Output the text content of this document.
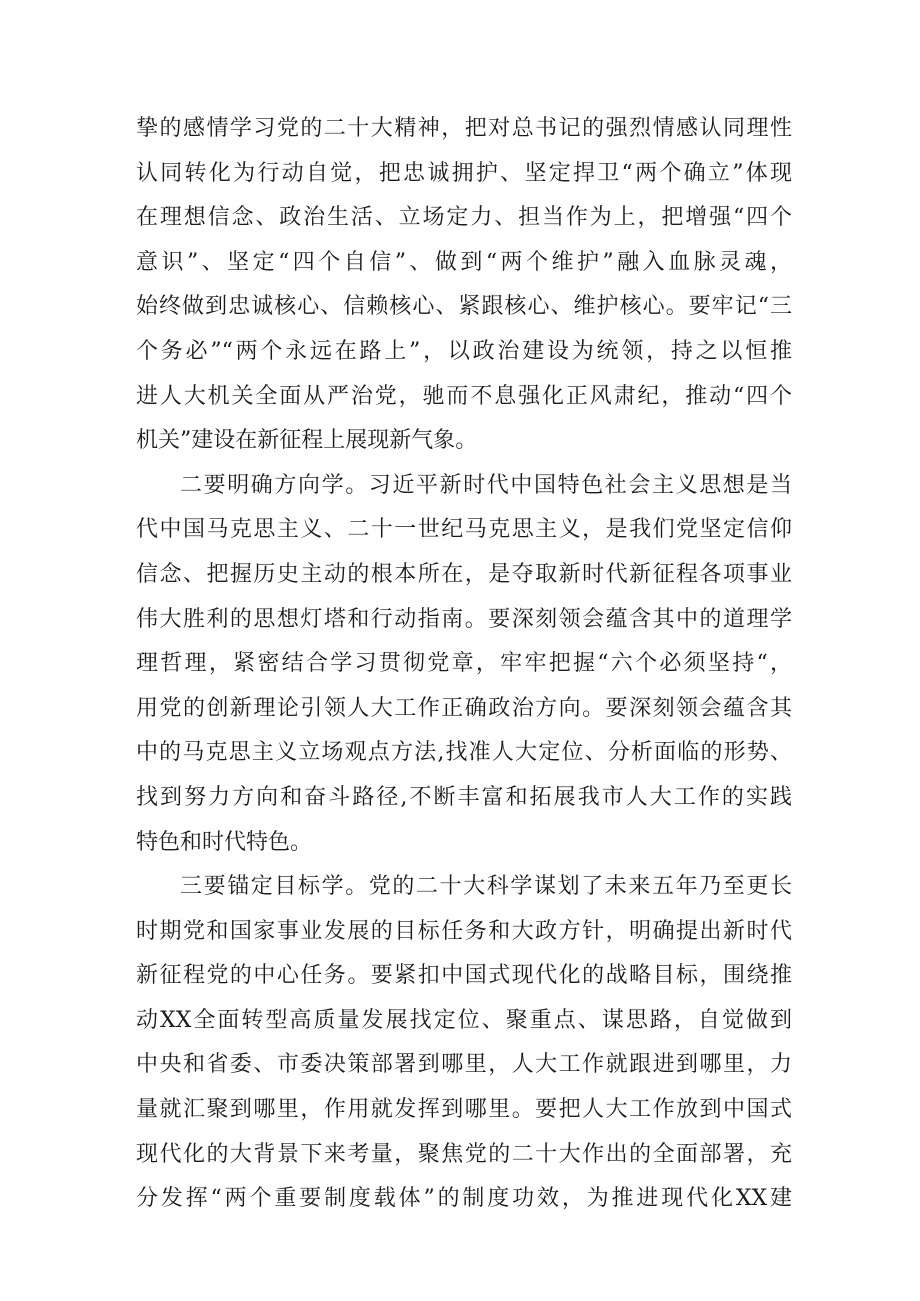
挚的感情学习党的二十大精神，把对总书记的强烈情感认同理性
认同转化为行动自觉，把忠诚拥护、坚定捍卫“两个确立”体现
在理想信念、政治生活、立场定力、担当作为上，把增强“四个
意识”、坚定“四个自信”、做到“两个维护”融入血脉灵魂，
始终做到忠诚核心、信赖核心、紧跟核心、维护核心。要牢记“三
个务必”“两个永远在路上”，以政治建设为统领，持之以恒推
进人大机关全面从严治党，驰而不息强化正风肃纪，推动“四个
机关”建设在新征程上展现新气象。
二要明确方向学。习近平新时代中国特色社会主义思想是当
代中国马克思主义、二十一世纪马克思主义，是我们党坚定信仰
信念、把握历史主动的根本所在，是夺取新时代新征程各项事业
伟大胜利的思想灯塔和行动指南。要深刻领会蕴含其中的道理学
理哲理，紧密结合学习贯彻党章，牢牢把握“六个必须坚持“，
用党的创新理论引领人大工作正确政治方向。要深刻领会蕴含其
中的马克思主义立场观点方法,找准人大定位、分析面临的形势、
找到努力方向和奋斗路径,不断丰富和拓展我市人大工作的实践
特色和时代特色。
三要锚定目标学。党的二十大科学谋划了未来五年乃至更长
时期党和国家事业发展的目标任务和大政方针，明确提出新时代
新征程党的中心任务。要紧扣中国式现代化的战略目标，围绕推
动XX全面转型高质量发展找定位、聚重点、谋思路，自觉做到
中央和省委、市委决策部署到哪里，人大工作就跟进到哪里，力
量就汇聚到哪里，作用就发挥到哪里。要把人大工作放到中国式
现代化的大背景下来考量，聚焦党的二十大作出的全面部署，充
分发挥“两个重要制度载体”的制度功效，为推进现代化XX建
